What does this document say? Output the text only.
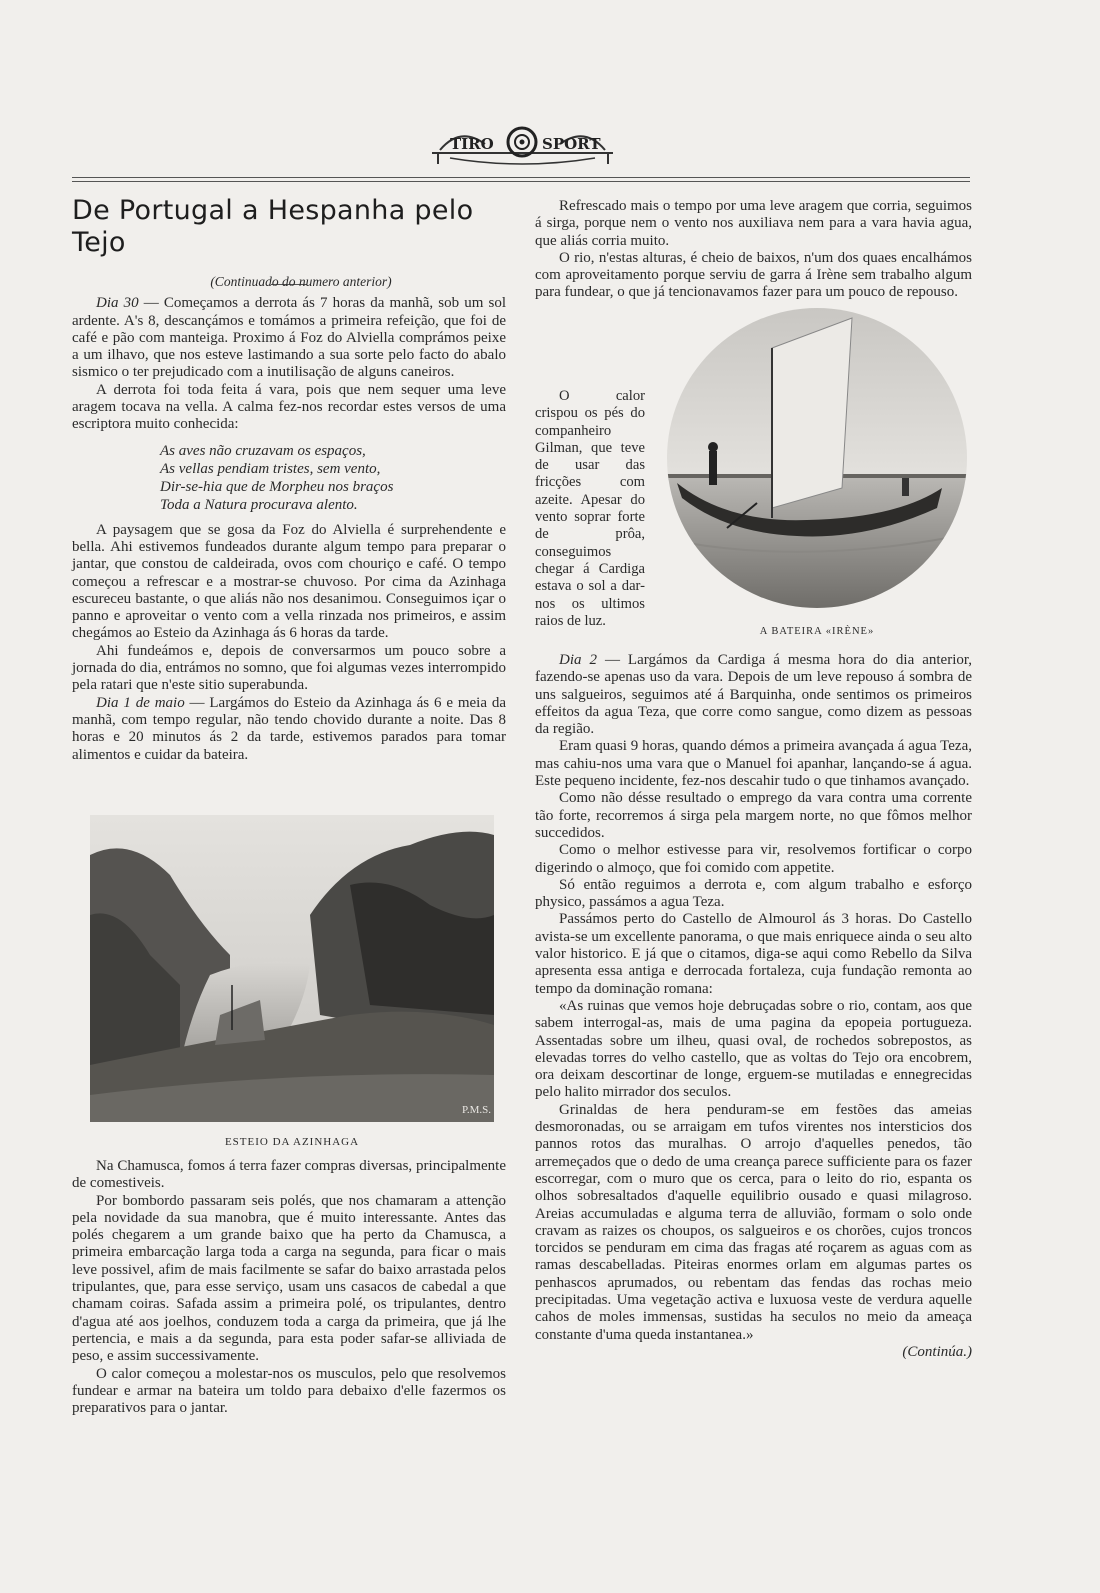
TIRO	SPORT
De Portugal a Hespanha pelo Tejo

(Continuado do numero anterior)

Dia 30 — Começamos a derrota ás 7 horas da manhã, sob um sol ardente. A's 8, descançámos e tomámos a primeira refeição, que foi de café e pão com manteiga. Proximo á Foz do Alviella comprámos peixe a um ilhavo, que nos esteve lastimando a sua sorte pelo facto do abalo sismico o ter prejudicado com a inutilisação de alguns caneiros.

A derrota foi toda feita á vara, pois que nem sequer uma leve aragem tocava na vella. A calma fez-nos recordar estes versos de uma escriptora muito conhecida:

As aves não cruzavam os espaços,
As vellas pendiam tristes, sem vento,
Dir-se-hia que de Morpheu nos braços
Toda a Natura procurava alento.

A paysagem que se gosa da Foz do Alviella é surprehendente e bella. Ahi estivemos fundeados durante algum tempo para preparar o jantar, que constou de caldeirada, ovos com chouriço e café. O tempo começou a refrescar e a mostrar-se chuvoso. Por cima da Azinhaga escureceu bastante, o que aliás não nos desanimou. Conseguimos içar o panno e aproveitar o vento com a vella rinzada nos primeiros, e assim chegámos ao Esteio da Azinhaga ás 6 horas da tarde.

Ahi fundeámos e, depois de conversarmos um pouco sobre a jornada do dia, entrámos no somno, que foi algumas vezes interrompido pela ratari que n'este sitio superabunda.

Dia 1 de maio — Largámos do Esteio da Azinhaga ás 6 e meia da manhã, com tempo regular, não tendo chovido durante a noite. Das 8 horas e 20 minutos ás 2 da tarde, estivemos parados para tomar alimentos e cuidar da bateira.

P.M.S.
ESTEIO DA AZINHAGA

Na Chamusca, fomos á terra fazer compras diversas, principalmente de comestiveis.

Por bombordo passaram seis polés, que nos chamaram a attenção pela novidade da sua manobra, que é muito interessante. Antes das polés chegarem a um grande baixo que ha perto da Chamusca, a primeira embarcação larga toda a carga na segunda, para ficar o mais leve possivel, afim de mais facilmente se safar do baixo arrastada pelos tripulantes, que, para esse serviço, usam uns casacos de cabedal a que chamam coiras. Safada assim a primeira polé, os tripulantes, dentro d'agua até aos joelhos, conduzem toda a carga da primeira, que já lhe pertencia, e mais a da segunda, para esta poder safar-se alliviada de peso, e assim successivamente.

O calor começou a molestar-nos os musculos, pelo que resolvemos fundear e armar na bateira um toldo para debaixo d'elle fazermos os preparativos para o jantar.

Refrescado mais o tempo por uma leve aragem que corria, seguimos á sirga, porque nem o vento nos auxiliava nem para a vara havia agua, que aliás corria muito.

O rio, n'estas alturas, é cheio de baixos, n'um dos quaes encalhámos com aproveitamento porque serviu de garra á Irène sem trabalho algum para fundear, o que já tencionavamos fazer para um pouco de repouso.

O calor crispou os pés do companheiro Gilman, que teve de usar das fricções com azeite. Apesar do vento soprar forte de prôa, conseguimos chegar á Cardiga estava o sol a dar-nos os ultimos raios de luz.

A BATEIRA «IRÈNE»

Dia 2 — Largámos da Cardiga á mesma hora do dia anterior, fazendo-se apenas uso da vara. Depois de um leve repouso á sombra de uns salgueiros, seguimos até á Barquinha, onde sentimos os primeiros effeitos da agua Teza, que corre como sangue, como dizem as pessoas da região.

Eram quasi 9 horas, quando démos a primeira avançada á agua Teza, mas cahiu-nos uma vara que o Manuel foi apanhar, lançando-se á agua. Este pequeno incidente, fez-nos descahir tudo o que tinhamos avançado.

Como não désse resultado o emprego da vara contra uma corrente tão forte, recorremos á sirga pela margem norte, no que fômos melhor succedidos.

Como o melhor estivesse para vir, resolvemos fortificar o corpo digerindo o almoço, que foi comido com appetite.

Só então reguimos a derrota e, com algum trabalho e esforço physico, passámos a agua Teza.

Passámos perto do Castello de Almourol ás 3 horas. Do Castello avista-se um excellente panorama, o que mais enriquece ainda o seu alto valor historico. E já que o citamos, diga-se aqui como Rebello da Silva apresenta essa antiga e derrocada fortaleza, cuja fundação remonta ao tempo da dominação romana:

«As ruinas que vemos hoje debruçadas sobre o rio, contam, aos que sabem interrogal-as, mais de uma pagina da epopeia portugueza. Assentadas sobre um ilheu, quasi oval, de rochedos sobrepostos, as elevadas torres do velho castello, que as voltas do Tejo ora encobrem, ora deixam descortinar de longe, erguem-se mutiladas e ennegrecidas pelo halito mirrador dos seculos.

Grinaldas de hera penduram-se em festões das ameias desmoronadas, ou se arraigam em tufos virentes nos intersticios dos pannos rotos das muralhas. O arrojo d'aquelles penedos, tão arremeçados que o dedo de uma creança parece sufficiente para os fazer escorregar, com o muro que os cerca, para o leito do rio, espanta os olhos sobresaltados d'aquelle equilibrio ousado e quasi milagroso. Areias accumuladas e alguma terra de alluvião, formam o solo onde cravam as raizes os choupos, os salgueiros e os chorões, cujos troncos torcidos se penduram em cima das fragas até roçarem as aguas com as ramas descabelladas. Piteiras enormes orlam em algumas partes os penhascos aprumados, ou rebentam das fendas das rochas meio precipitadas. Uma vegetação activa e luxuosa veste de verdura aquelle cahos de moles immensas, sustidas ha seculos no meio da ameaça constante d'uma queda instantanea.»

(Continúa.)
